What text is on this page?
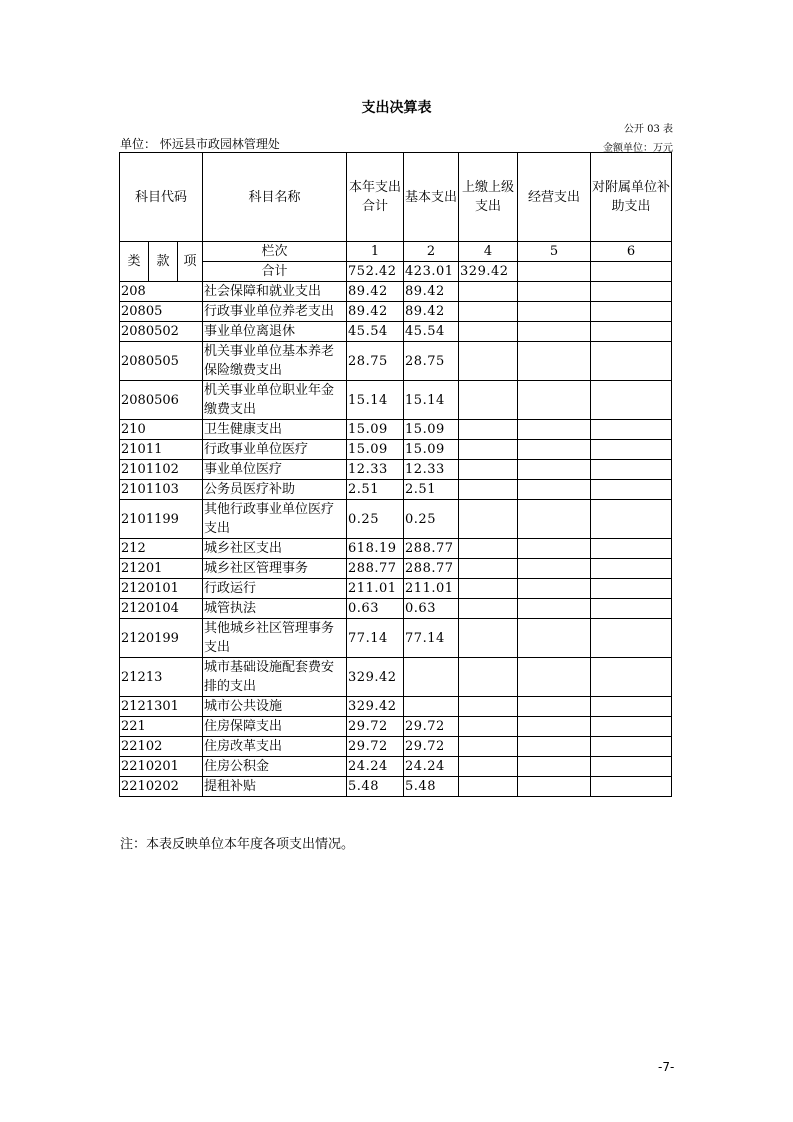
支出决算表
公开 03 表
单位： 怀远县市政园林管理处	金额单位：万元
科目代码			科目名称	本年支出合计	基本支出	上缴上级支出	经营支出	对附属单位补助支出
类	款	项	栏次	1	2	4	5	6
			合计	752.42	423.01	329.42		
208			社会保障和就业支出	89.42	89.42			
20805			行政事业单位养老支出	89.42	89.42			
2080502			事业单位离退休	45.54	45.54			
2080505			机关事业单位基本养老保险缴费支出	28.75	28.75			
2080506			机关事业单位职业年金缴费支出	15.14	15.14			
210			卫生健康支出	15.09	15.09			
21011			行政事业单位医疗	15.09	15.09			
2101102			事业单位医疗	12.33	12.33			
2101103			公务员医疗补助	2.51	2.51			
2101199			其他行政事业单位医疗支出	0.25	0.25			
212			城乡社区支出	618.19	288.77			
21201			城乡社区管理事务	288.77	288.77			
2120101			行政运行	211.01	211.01			
2120104			城管执法	0.63	0.63			
2120199			其他城乡社区管理事务支出	77.14	77.14			
21213			城市基础设施配套费安排的支出	329.42				
2121301			城市公共设施	329.42				
221			住房保障支出	29.72	29.72			
22102			住房改革支出	29.72	29.72			
2210201			住房公积金	24.24	24.24			
2210202			提租补贴	5.48	5.48			
注：本表反映单位本年度各项支出情况。
-7-
